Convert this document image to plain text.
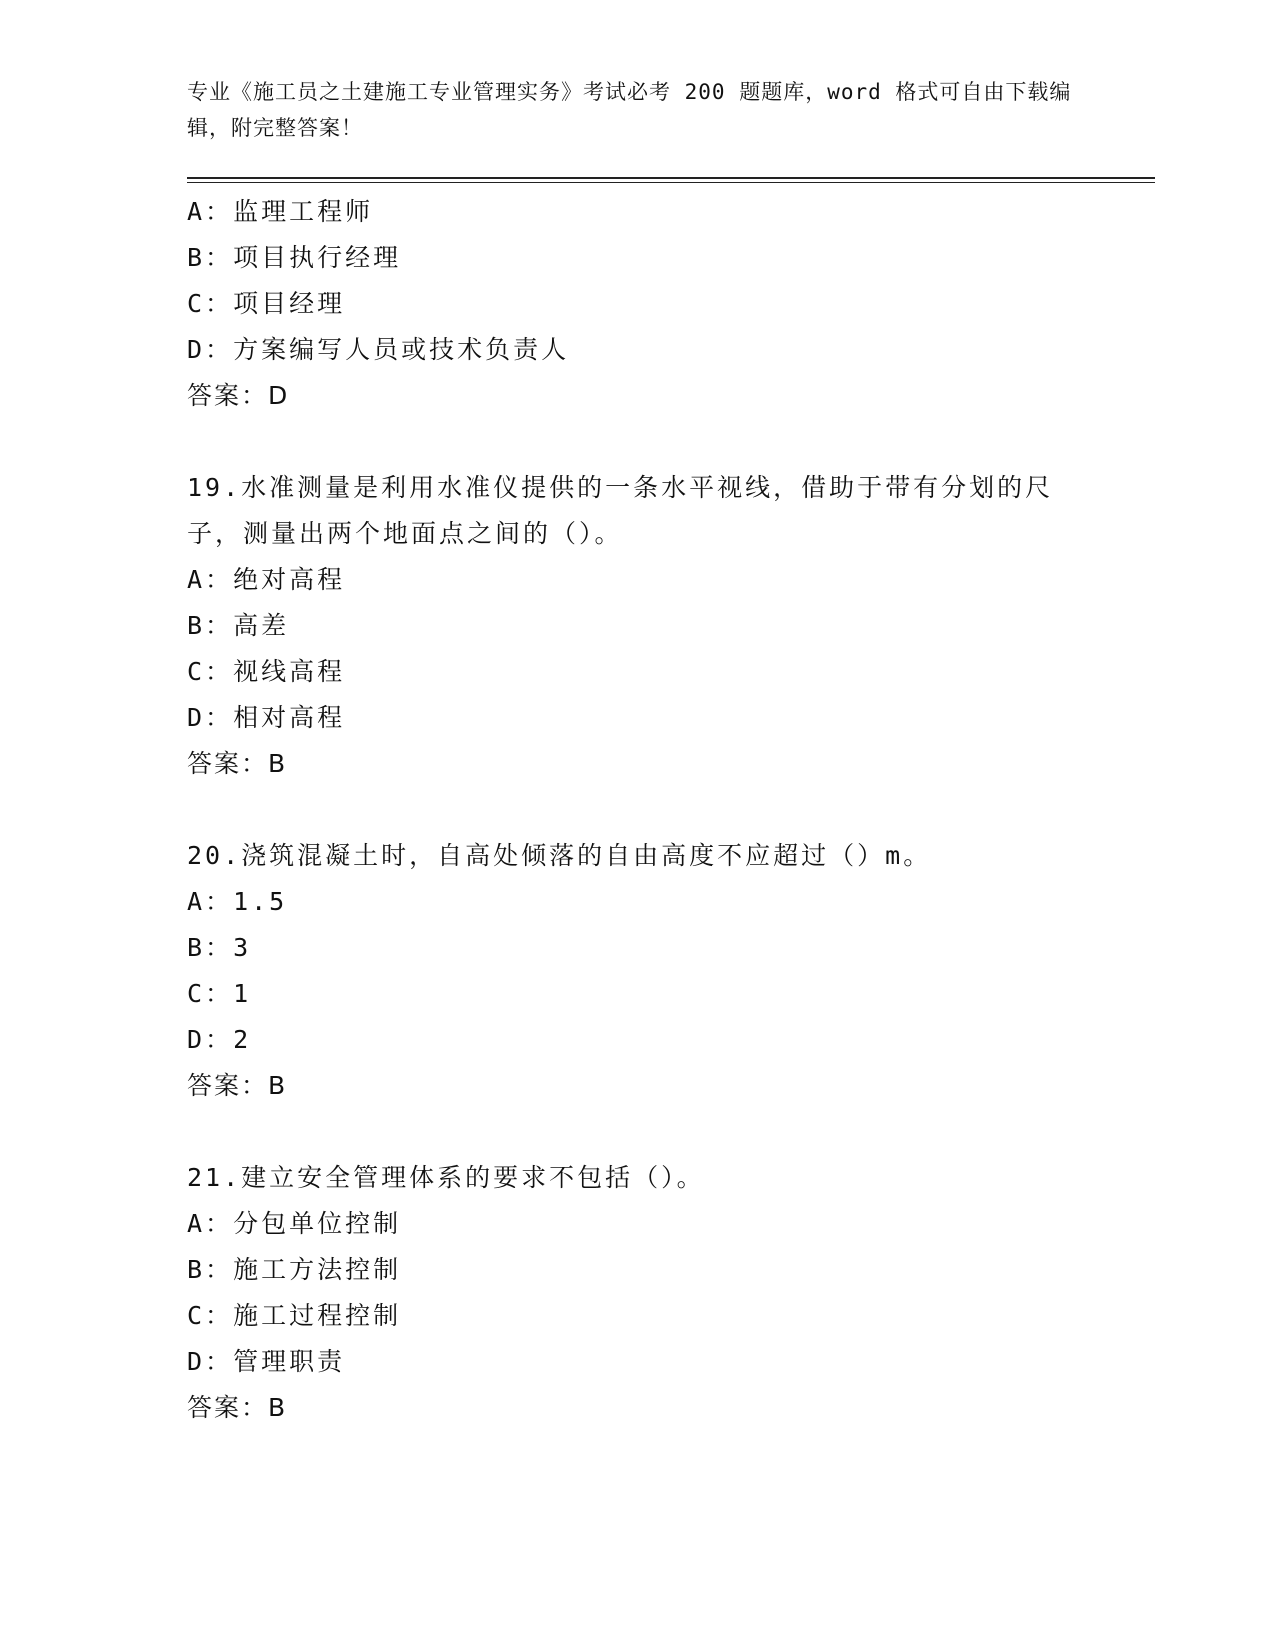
专业《施工员之土建施工专业管理实务》考试必考 200 题题库，word 格式可自由下载编辑，附完整答案！
A：监理工程师
B：项目执行经理
C：项目经理
D：方案编写人员或技术负责人
答案：D
19.水准测量是利用水准仪提供的一条水平视线，借助于带有分划的尺子，测量出两个地面点之间的（）。
A：绝对高程
B：高差
C：视线高程
D：相对高程
答案：B
20.浇筑混凝土时，自高处倾落的自由高度不应超过（）m。
A：1.5
B：3
C：1
D：2
答案：B
21.建立安全管理体系的要求不包括（）。
A：分包单位控制
B：施工方法控制
C：施工过程控制
D：管理职责
答案：B
